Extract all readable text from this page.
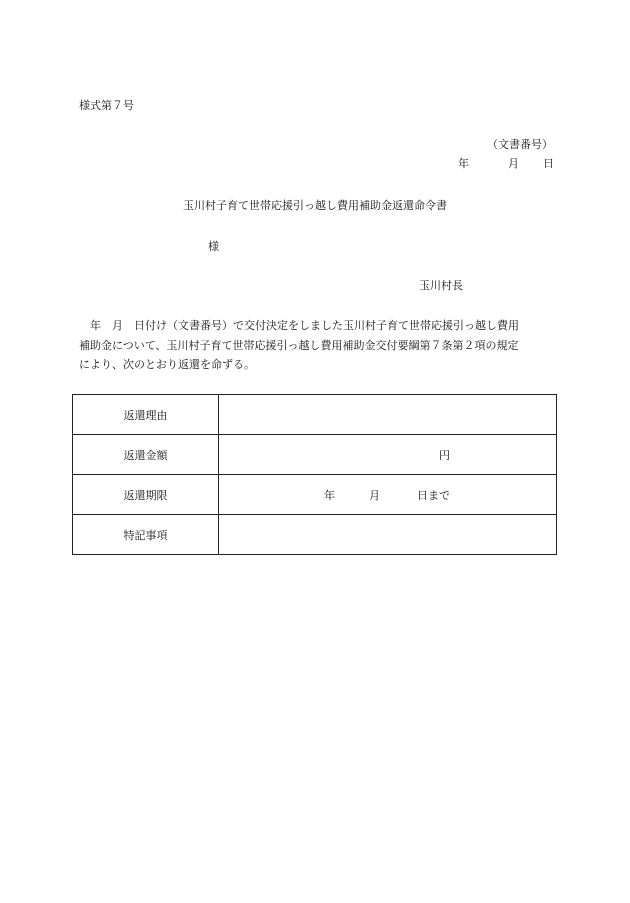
様式第７号
（文書番号）
年	月 日
玉川村子育て世帯応援引っ越し費用補助金返還命令書
様
玉川村長

年　月　日付け（文書番号）で交付決定をしました玉川村子育て世帯応援引っ越し費用

補助金について、玉川村子育て世帯応援引っ越し費用補助金交付要綱第７条第２項の規定

により、次のとおり返還を命ずる。

返還理由	
返還金額	円

返還期限	年 月 日まで

特記事項	
